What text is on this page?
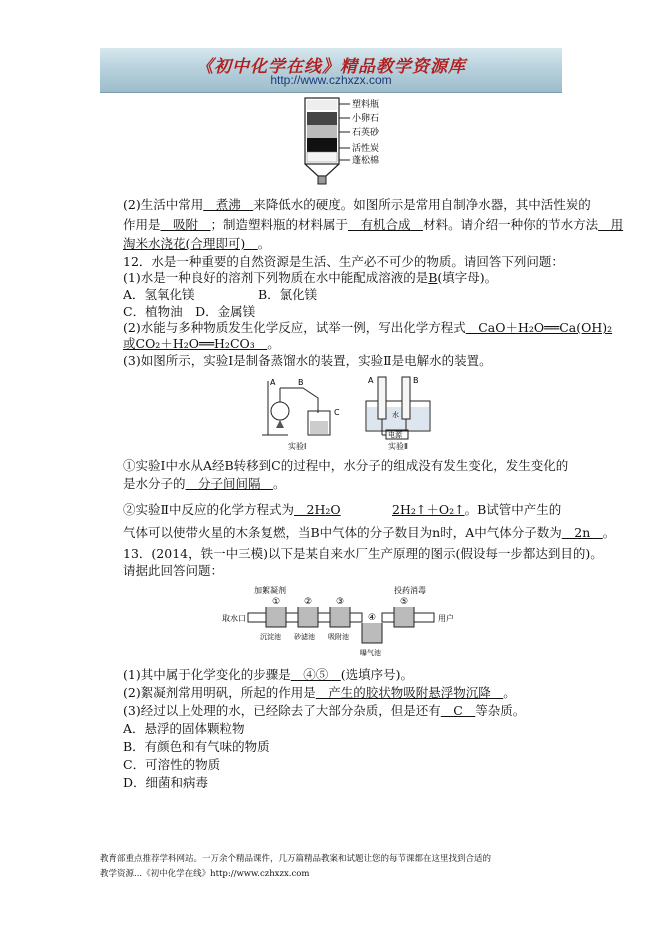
《初中化学在线》精品教学资源库
http://www.czhxzx.com
塑料瓶
小卵石
石英砂
活性炭
蓬松棉
(2)生活中常用　煮沸　来降低水的硬度。如图所示是常用自制净水器，其中活性炭的
作用是　吸附　；制造塑料瓶的材料属于　有机合成　材料。请介绍一种你的节水方法　用
淘米水浇花(合理即可)　。
12．水是一种重要的自然资源是生活、生产必不可少的物质。请回答下列问题：
(1)水是一种良好的溶剂下列物质在水中能配成溶液的是B(填字母)。
A．氢氧化镁	B．氯化镁
C．植物油　D．金属镁
(2)水能与多种物质发生化学反应，试举一例，写出化学方程式　CaO＋H₂O══Ca(OH)₂
或CO₂＋H₂O══H₂CO₃　。
(3)如图所示，实验Ⅰ是制备蒸馏水的装置，实验Ⅱ是电解水的装置。
A	B
C
实验Ⅰ
A	B
水
电源
实验Ⅱ
①实验Ⅰ中水从A经B转移到C的过程中，水分子的组成没有发生变化，发生变化的
是水分子的　分子间间隔　。
②实验Ⅱ中反应的化学方程式为　2H₂O	2H₂↑＋O₂↑。B试管中产生的
气体可以使带火星的木条复燃，当B中气体的分子数目为n时，A中气体分子数为　2n　。
13．(2014，铁一中三模)以下是某自来水厂生产原理的图示(假设每一步都达到目的)。
请据此回答问题：
取水口	用户
加絮凝剂	投药消毒
①	②	③
④
⑤
沉淀池 砂滤池 吸附池
曝气池
(1)其中属于化学变化的步骤是　④⑤　(选填序号)。
(2)絮凝剂常用明矾，所起的作用是　产生的胶状物吸附悬浮物沉降　。
(3)经过以上处理的水，已经除去了大部分杂质，但是还有　C　等杂质。
A．悬浮的固体颗粒物
B．有颜色和有气味的物质
C．可溶性的物质
D．细菌和病毒
教育部重点推荐学科网站。一万余个精品课件，几万篇精品教案和试题让您的每节课都在这里找到合适的
教学资源...《初中化学在线》http://www.czhxzx.com
